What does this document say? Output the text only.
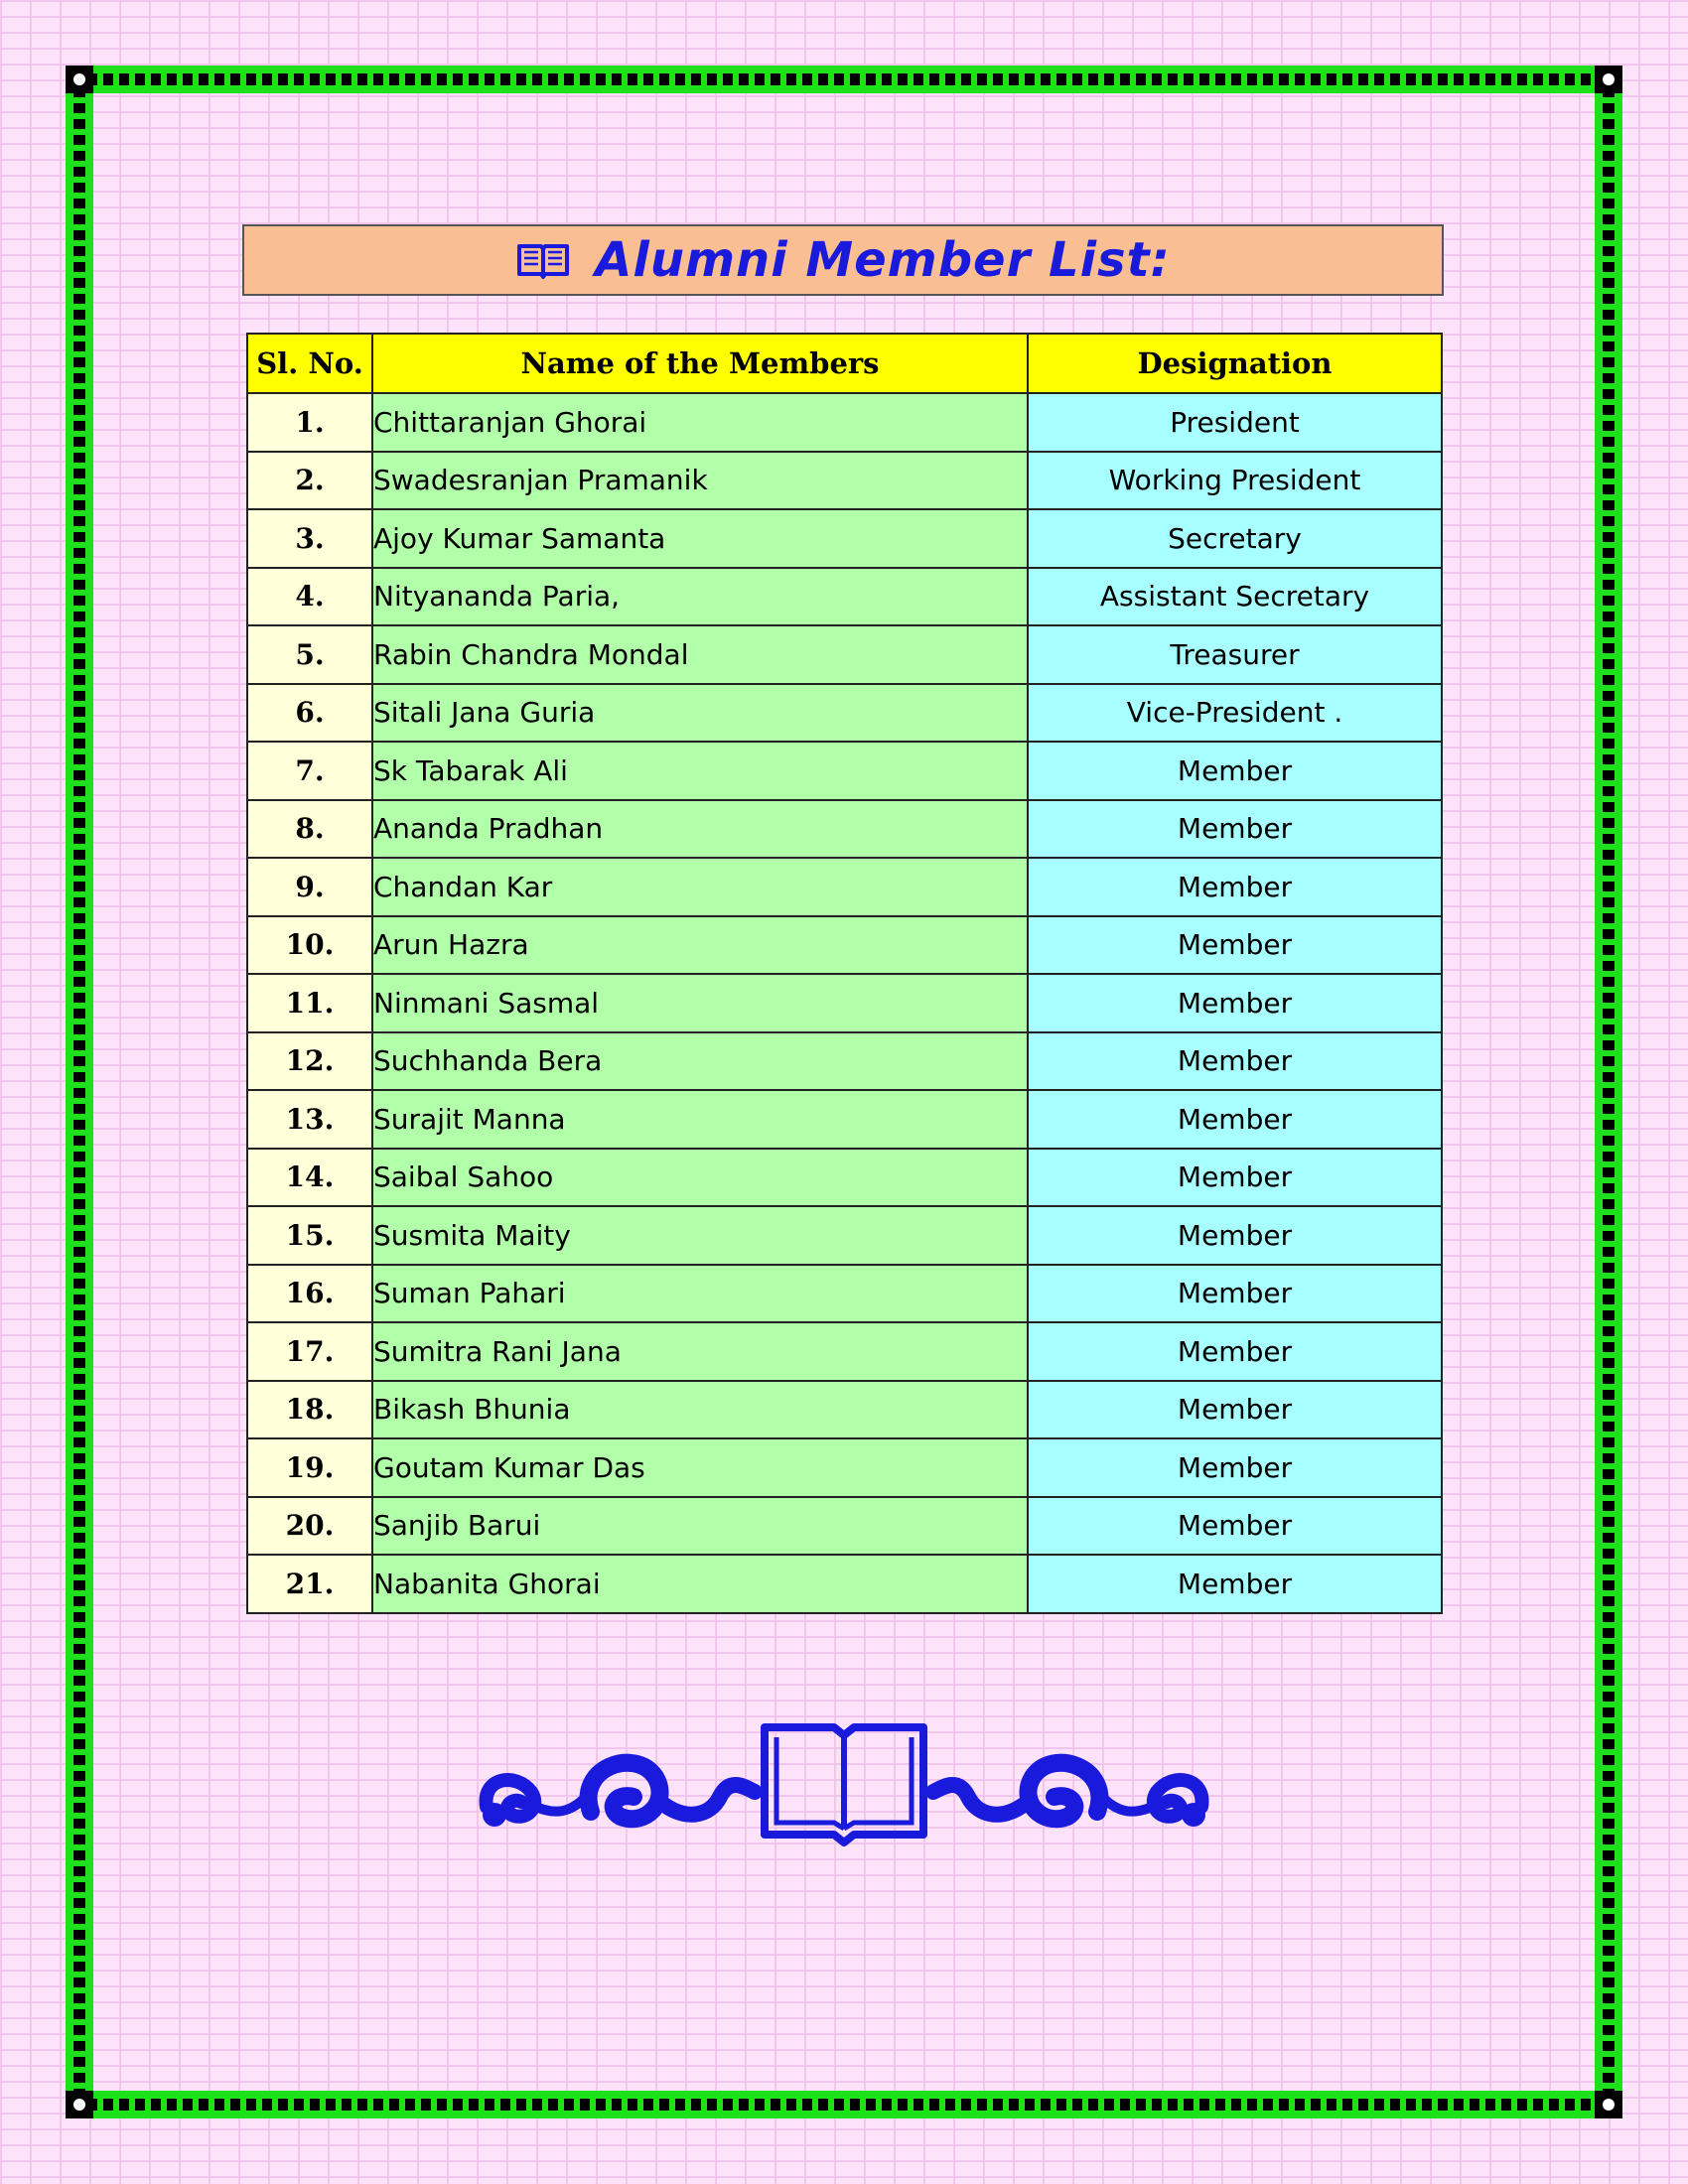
Alumni Member List:
Sl. No.	Name of the Members	Designation
1.	Chittaranjan Ghorai	President
2.	Swadesranjan Pramanik	Working President
3.	Ajoy Kumar Samanta	Secretary
4.	Nityananda Paria,	Assistant Secretary
5.	Rabin Chandra Mondal	Treasurer
6.	Sitali Jana Guria	Vice-President .
7.	Sk Tabarak Ali	Member
8.	Ananda Pradhan	Member
9.	Chandan Kar	Member
10.	Arun Hazra	Member
11.	Ninmani Sasmal	Member
12.	Suchhanda Bera	Member
13.	Surajit Manna	Member
14.	Saibal Sahoo	Member
15.	Susmita Maity	Member
16.	Suman Pahari	Member
17.	Sumitra Rani Jana	Member
18.	Bikash Bhunia	Member
19.	Goutam Kumar Das	Member
20.	Sanjib Barui	Member
21.	Nabanita Ghorai	Member
